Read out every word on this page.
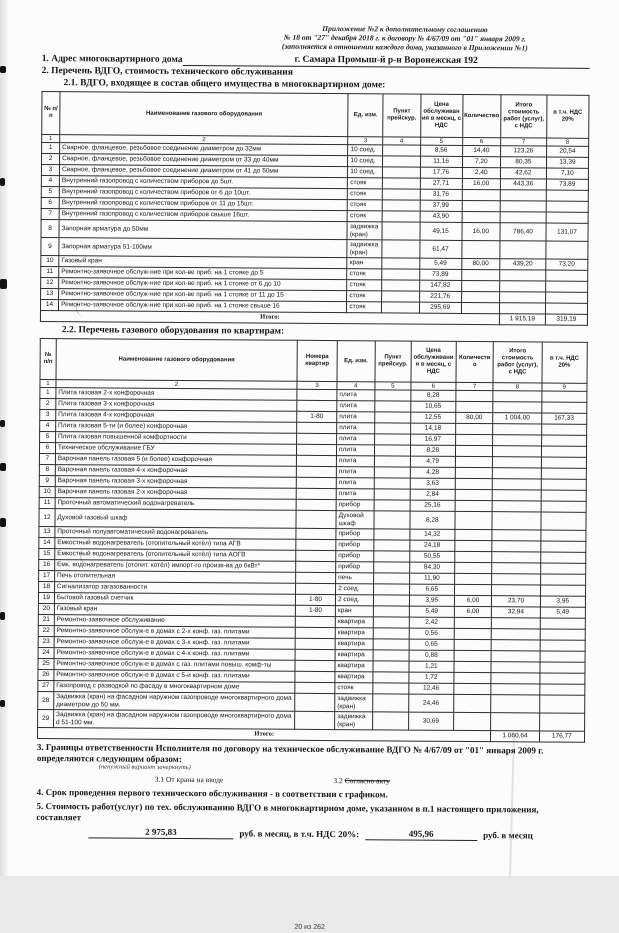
Приложение №2 к дополнительному соглашению
№ 18 от "27" декабря 2018 г. к договору № 4/67/09 от "01" января 2009 г.
(заполняется в отношении каждого дома, указанного в Приложении №1)
1. Адрес многоквартирного дома	г. Самара Промыш-й р-н Воронежская 192
2. Перечень ВДГО, стоимость технического обслуживания
2.1. ВДГО, входящее в состав общего имущества в многоквартирном доме:
№ п/п	Наименование газового оборудования	Ед. изм.	Пункт прейскур.	Цена обслуживания в месяц, с НДС	Количество	Итого стоимость работ (услуг), с НДС	в т.ч. НДС 20%
1	2	3	4	5	6	7	8
1	Сварное, фланцевое, резьбовое соединение диаметром до 32мм	10 соед.		8,56	14,40	123,26	20,54
2	Сварное, фланцевое, резьбовое соединение диаметром от 33 до 40мм	10 соед.		11,16	7,20	80,35	13,39
3	Сварное, фланцевое, резьбовое соединение диаметром от 41 до 50мм	10 соед.		17,76	2,40	42,62	7,10
4	Внутренний газопровод с количеством приборов до 5шт.	стояк		27,71	16,00	443,36	73,89
5	Внутренний газопровод с количеством приборов от 6 до 10шт.	стояк		31,76			
6	Внутренний газопровод с количеством приборов от 11 до 15шт.	стояк		37,99			
7	Внутренний газопровод с количеством приборов свыше 16шт.	стояк		43,90			
8	Запорная арматура до 50мм	задвижка (кран)		49,15	16,00	786,40	131,07
9	Запорная арматура 51-100мм	задвижка (кран)		61,47			
10	Газовый кран	кран		5,49	80,00	439,20	73,20
11	Ремонтно-заявочное обслуж-ние при кол-ве приб. на 1 стояке до 5	стояк		73,89			
12	Ремонтно-заявочное обслуж-ние при кол-ве приб. на 1 стояке от 6 до 10	стояк		147,82			
13	Ремонтно-заявочное обслуж-ние при кол-ве приб. на 1 стояке от 11 до 15	стояк		221,76			
14	Ремонтно-заявочное обслуж-ние при кол-ве приб. на 1 стояке свыше 16	стояк		295,69			
Итого:						1 915,19	319,19
2.2. Перечень газового оборудования по квартирам:
№ п/п	Наименование газового оборудования	Номера квартир	Ед. изм.	Пункт прейскур.	Цена обслуживания в месяц, с НДС	Количество	Итого стоимость работ (услуг), с НДС	в т.ч. НДС 20%
1	2	3	4	5	6	7	8	9
1	Плита газовая 2-х конфорочная		плита		8,28			
2	Плита газовая 3-х конфорочная		плита		10,65			
3	Плита газовая 4-х конфорочная	1-80	плита		12,55	80,00	1 004,00	167,33
4	Плита газовая 5-ти (и более) конфорочная		плита		14,18			
5	Плита газовая повышенной комфортности		плита		16,97			
6	Техническое обслуживание ГБУ		плита		8,28			
7	Варочная панель газовая 5 (и более) конфорочная		плита		4,79			
8	Варочная панель газовая 4-х конфорочная		плита		4,28			
9	Варочная панель газовая 3-х конфорочная		плита		3,63			
10	Варочная панель газовая 2-х конфорочная		плита		2,84			
11	Проточный автоматический водонагреватель		прибор		25,16			
12	Духовой газовый шкаф		Духовой шкаф		8,28			
13	Проточный полуавтоматический водонагреватель		прибор		14,32			
14	Емкостный водонагреватель (отопительный котёл) типа АГВ		прибор		24,18			
15	Емкостный водонагреватель (отопительный котёл) типа АОГВ		прибор		50,55			
16	Емк. водонагреватель (отопит. котёл) импорт-го произв-ва до 6кВт*		прибор		84,30			
17	Печь отопительная		печь		11,90			
18	Сигнализатор загазованности		2 соед.		6,65			
19	Бытовой газовый счетчик	1-80	2 соед.		3,95	6,00	23,70	3,95
20	Газовый кран	1-80	кран		5,49	6,00	32,94	5,49
21	Ремонтно-заявочное обслуживание		квартира		2,42			
22	Ремонтно-заявочное обслуж-е в домах с 2-х конф. газ. плитами		квартира		0,56			
23	Ремонтно-заявочное обслуж-е в домах с 3-х конф. газ. плитами		квартира		0,65			
24	Ремонтно-заявочное обслуж-е в домах с 4-х конф. газ. плитами		квартира		0,88			
25	Ремонтно-заявочное обслуж-е в домах с газ. плитами повыш. комф-ты		квартира		1,21			
26	Ремонтно-заявочное обслуж-е в домах с 5-и конф. газ. плитами		квартира		1,72			
27	Газопровод с разводкой по фасаду в многоквартирном доме		стояк		12,46			
28	Задвижка (кран) на фасадном наружном газопроводе многоквартирного дома диаметром до 50 мм.		задвижка (кран)		24,46			
29	Задвижка (кран) на фасадном наружном газопроводе многоквартирного дома d 51-100 мм.		задвижка (кран)		30,69			
Итого:							1 060,64	176,77
3. Границы ответственности Исполнителя по договору на техническое обслуживание ВДГО № 4/67/09 от "01" января 2009 г.
определяются следующим образом:
(ненужный вариант зачеркнуть)
3.1 От крана на вводе	3.2 Согласно акту
4. Срок проведения первого технического обслуживания - в соответствии с графиком.
5. Стоимость работ(услуг) по тех. обслуживанию ВДГО в многоквартирном доме, указанном в п.1 настоящего приложения, составляет
2 975,83	руб. в месяц, в т.ч. НДС 20%:	495,96	руб. в месяц
20 из 262
